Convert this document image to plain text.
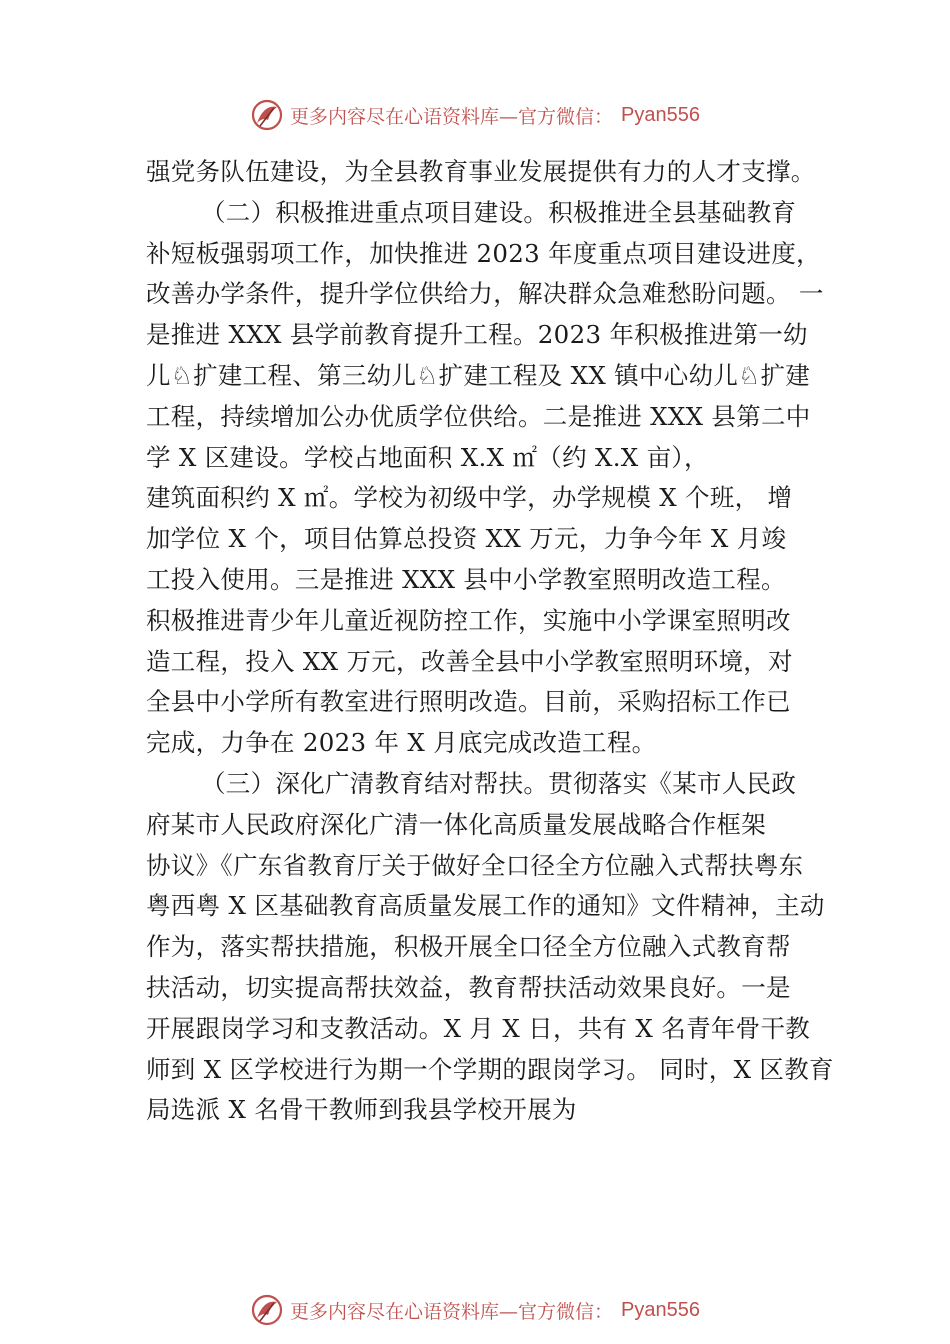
更多内容尽在心语资料库—官方微信： Pyan556
强党务队伍建设，为全县教育事业发展提供有力的人才支撑。
（二）积极推进重点项目建设。积极推进全县基础教育
补短板强弱项工作，加快推进 2023 年度重点项目建设进度，
改善办学条件，提升学位供给力，解决群众急难愁盼问题。 一
是推进 XXX 县学前教育提升工程。2023 年积极推进第一幼
儿♘扩建工程、第三幼儿♘扩建工程及 XX 镇中心幼儿♘扩建
工程，持续增加公办优质学位供给。二是推进 XXX 县第二中
学 X 区建设。学校占地面积 X.X ㎡（约 X.X 亩），
建筑面积约 X ㎡。学校为初级中学，办学规模 X 个班， 增
加学位 X 个，项目估算总投资 XX 万元，力争今年 X 月竣
工投入使用。三是推进 XXX 县中小学教室照明改造工程。
积极推进青少年儿童近视防控工作，实施中小学课室照明改
造工程，投入 XX 万元，改善全县中小学教室照明环境，对
全县中小学所有教室进行照明改造。目前，采购招标工作已
完成，力争在 2023 年 X 月底完成改造工程。
（三）深化广清教育结对帮扶。贯彻落实《某市人民政
府某市人民政府深化广清一体化高质量发展战略合作框架
协议》《广东省教育厅关于做好全口径全方位融入式帮扶粤东
粤西粤 X 区基础教育高质量发展工作的通知》文件精神，主动
作为，落实帮扶措施，积极开展全口径全方位融入式教育帮
扶活动，切实提高帮扶效益，教育帮扶活动效果良好。一是
开展跟岗学习和支教活动。X 月 X 日，共有 X 名青年骨干教
师到 X 区学校进行为期一个学期的跟岗学习。 同时，X 区教育
局选派 X 名骨干教师到我县学校开展为
更多内容尽在心语资料库—官方微信： Pyan556
